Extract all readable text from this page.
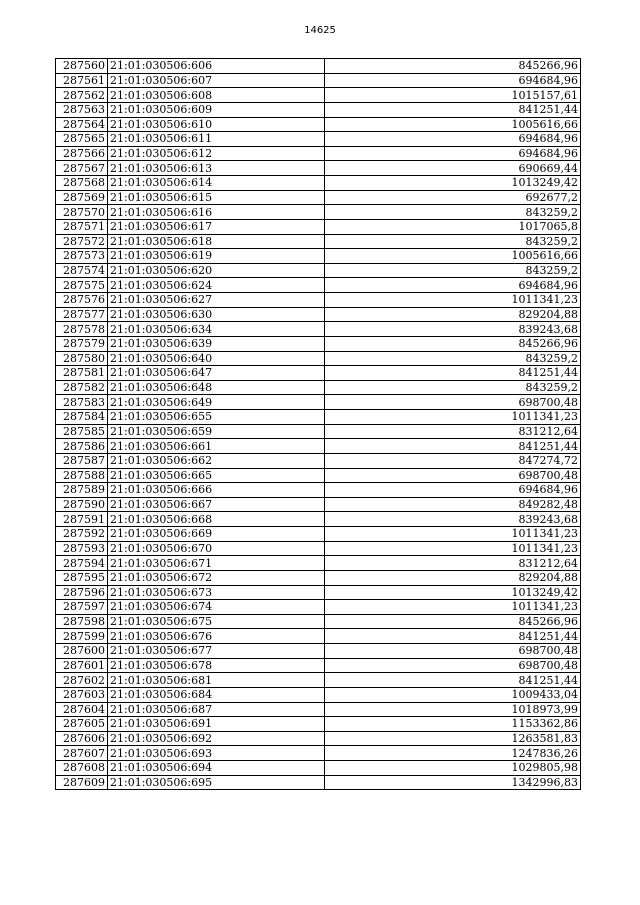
14625
287560	21:01:030506:606	845266,96
287561	21:01:030506:607	694684,96
287562	21:01:030506:608	1015157,61
287563	21:01:030506:609	841251,44
287564	21:01:030506:610	1005616,66
287565	21:01:030506:611	694684,96
287566	21:01:030506:612	694684,96
287567	21:01:030506:613	690669,44
287568	21:01:030506:614	1013249,42
287569	21:01:030506:615	692677,2
287570	21:01:030506:616	843259,2
287571	21:01:030506:617	1017065,8
287572	21:01:030506:618	843259,2
287573	21:01:030506:619	1005616,66
287574	21:01:030506:620	843259,2
287575	21:01:030506:624	694684,96
287576	21:01:030506:627	1011341,23
287577	21:01:030506:630	829204,88
287578	21:01:030506:634	839243,68
287579	21:01:030506:639	845266,96
287580	21:01:030506:640	843259,2
287581	21:01:030506:647	841251,44
287582	21:01:030506:648	843259,2
287583	21:01:030506:649	698700,48
287584	21:01:030506:655	1011341,23
287585	21:01:030506:659	831212,64
287586	21:01:030506:661	841251,44
287587	21:01:030506:662	847274,72
287588	21:01:030506:665	698700,48
287589	21:01:030506:666	694684,96
287590	21:01:030506:667	849282,48
287591	21:01:030506:668	839243,68
287592	21:01:030506:669	1011341,23
287593	21:01:030506:670	1011341,23
287594	21:01:030506:671	831212,64
287595	21:01:030506:672	829204,88
287596	21:01:030506:673	1013249,42
287597	21:01:030506:674	1011341,23
287598	21:01:030506:675	845266,96
287599	21:01:030506:676	841251,44
287600	21:01:030506:677	698700,48
287601	21:01:030506:678	698700,48
287602	21:01:030506:681	841251,44
287603	21:01:030506:684	1009433,04
287604	21:01:030506:687	1018973,99
287605	21:01:030506:691	1153362,86
287606	21:01:030506:692	1263581,83
287607	21:01:030506:693	1247836,26
287608	21:01:030506:694	1029805,98
287609	21:01:030506:695	1342996,83
